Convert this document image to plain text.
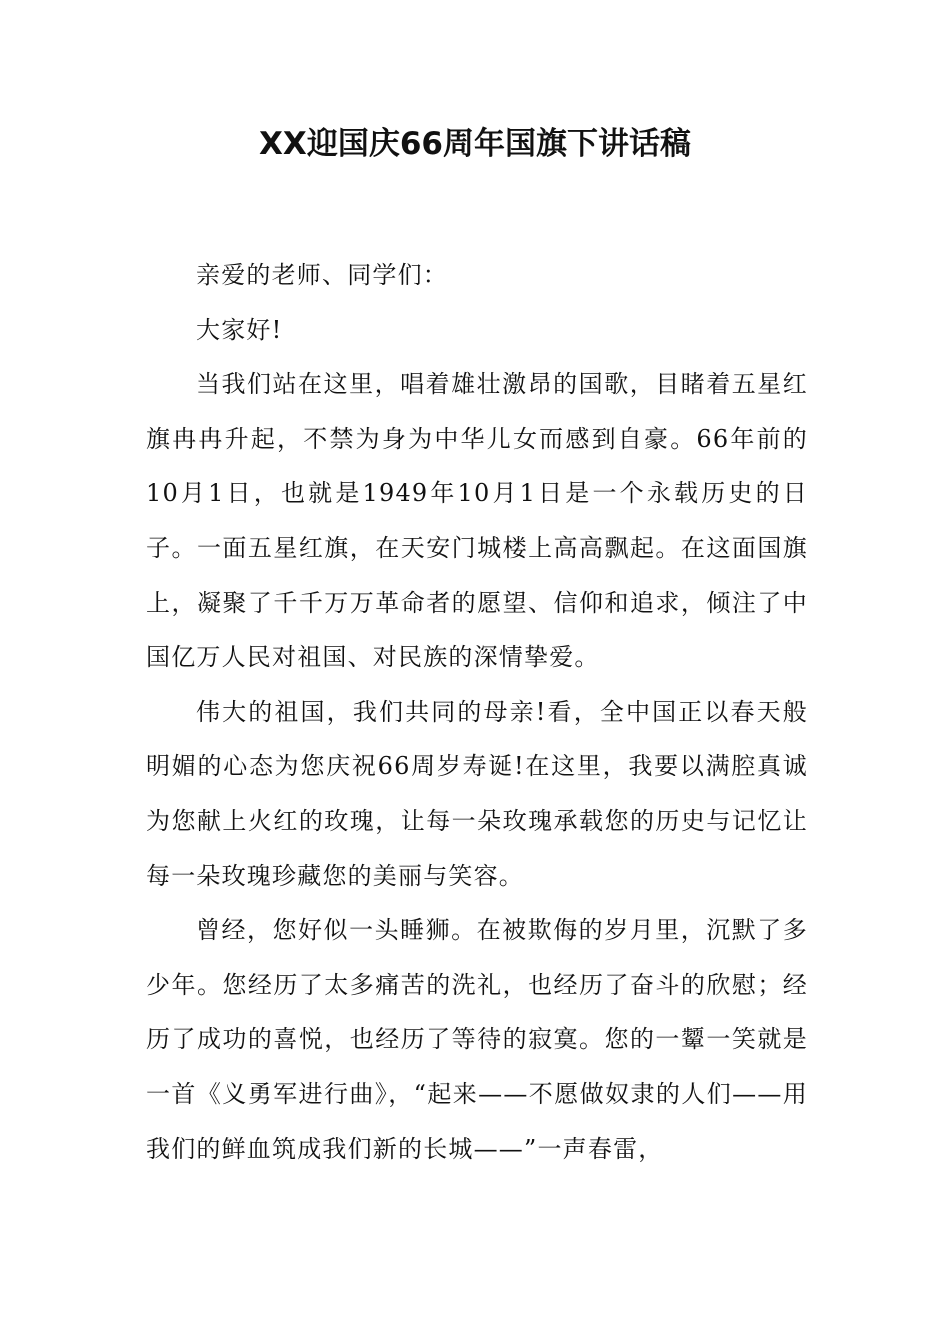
XX迎国庆66周年国旗下讲话稿

亲爱的老师、同学们：

大家好!

当我们站在这里，唱着雄壮激昂的国歌，目睹着五星红旗冉冉升起，不禁为身为中华儿女而感到自豪。66年前的10月1日，也就是1949年10月1日是一个永载历史的日子。一面五星红旗，在天安门城楼上高高飘起。在这面国旗上，凝聚了千千万万革命者的愿望、信仰和追求，倾注了中国亿万人民对祖国、对民族的深情挚爱。

伟大的祖国，我们共同的母亲!看，全中国正以春天般明媚的心态为您庆祝66周岁寿诞!在这里，我要以满腔真诚为您献上火红的玫瑰，让每一朵玫瑰承载您的历史与记忆让每一朵玫瑰珍藏您的美丽与笑容。

曾经，您好似一头睡狮。在被欺侮的岁月里，沉默了多少年。您经历了太多痛苦的洗礼，也经历了奋斗的欣慰；经历了成功的喜悦，也经历了等待的寂寞。您的一颦一笑就是一首《义勇军进行曲》，“起来——不愿做奴隶的人们——用我们的鲜血筑成我们新的长城——”一声春雷，
